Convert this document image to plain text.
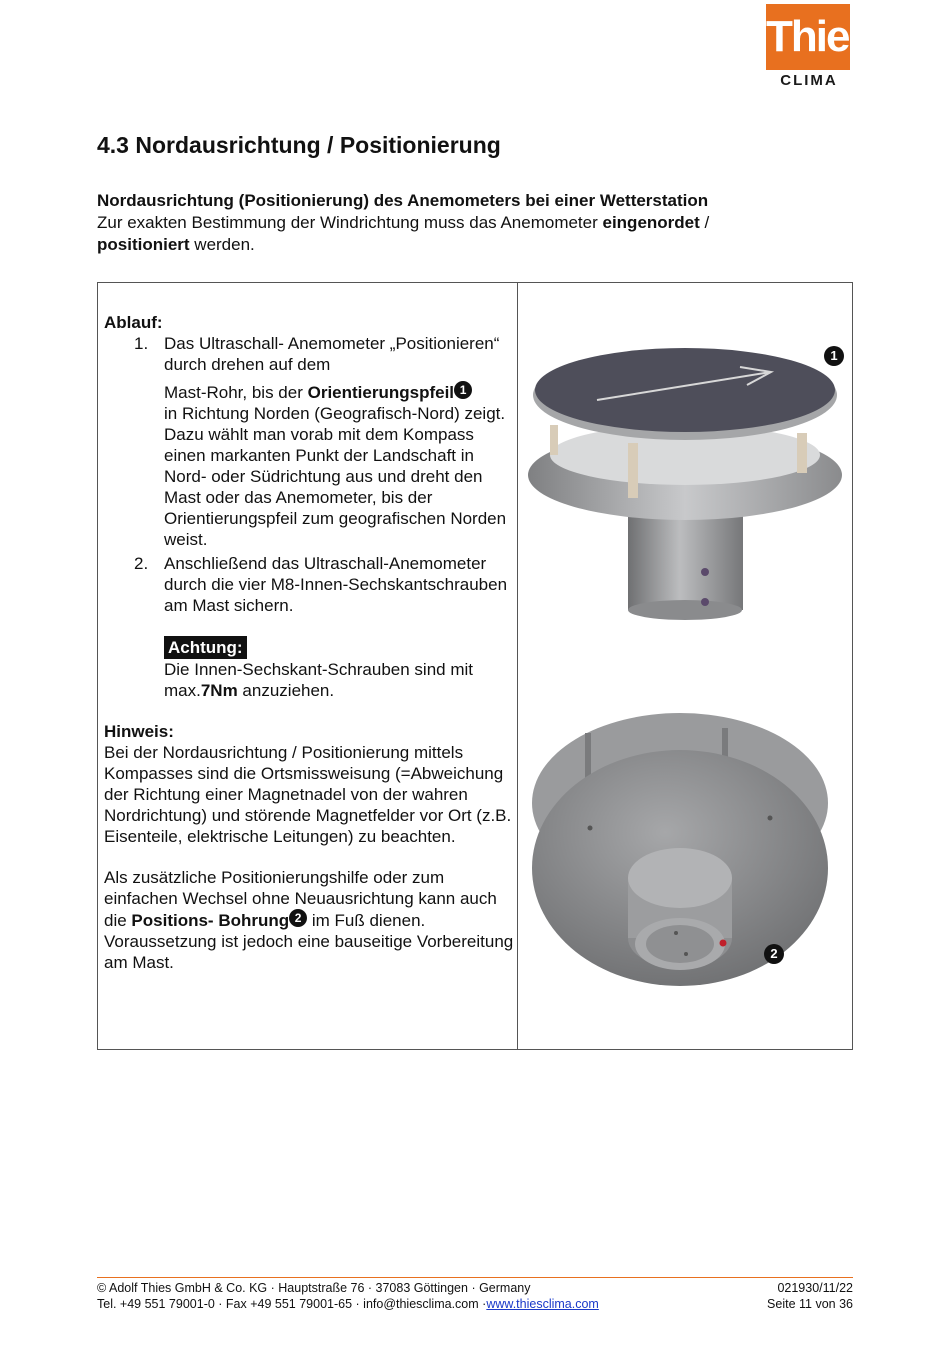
Thies
CLIMA
4.3 Nordausrichtung / Positionierung
Nordausrichtung (Positionierung) des Anemometers bei einer Wetterstation
Zur exakten Bestimmung der Windrichtung muss das Anemometer eingenordet / positioniert werden.
Ablauf:
1. Das Ultraschall- Anemometer „Positionieren“ durch drehen auf dem
Mast-Rohr, bis der Orientierungspfeil 1
in Richtung Norden (Geografisch-Nord) zeigt.
Dazu wählt man vorab mit dem Kompass einen markanten Punkt der Landschaft in Nord- oder Südrichtung aus und dreht den Mast oder das Anemometer, bis der Orientierungspfeil zum geografischen Norden weist.
2. Anschließend das Ultraschall-Anemometer durch die vier M8-Innen-Sechskantschrauben am Mast sichern.
Achtung:
Die Innen-Sechskant-Schrauben sind mit max.7Nm anzuziehen.
Hinweis:
Bei der Nordausrichtung / Positionierung mittels Kompasses sind die Ortsmissweisung (=Abweichung der Richtung einer Magnetnadel von der wahren Nordrichtung) und störende Magnetfelder vor Ort (z.B. Eisenteile, elektrische Leitungen) zu beachten.
Als zusätzliche Positionierungshilfe oder zum einfachen Wechsel ohne Neuausrichtung kann auch die Positions- Bohrung 2 im Fuß dienen. Voraussetzung ist jedoch eine bauseitige Vorbereitung am Mast.
1
2
© Adolf Thies GmbH & Co. KG · Hauptstraße 76 · 37083 Göttingen · Germany	021930/11/22
Tel. +49 551 79001-0 · Fax +49 551 79001-65 · info@thiesclima.com ·www.thiesclima.com	Seite 11 von 36
